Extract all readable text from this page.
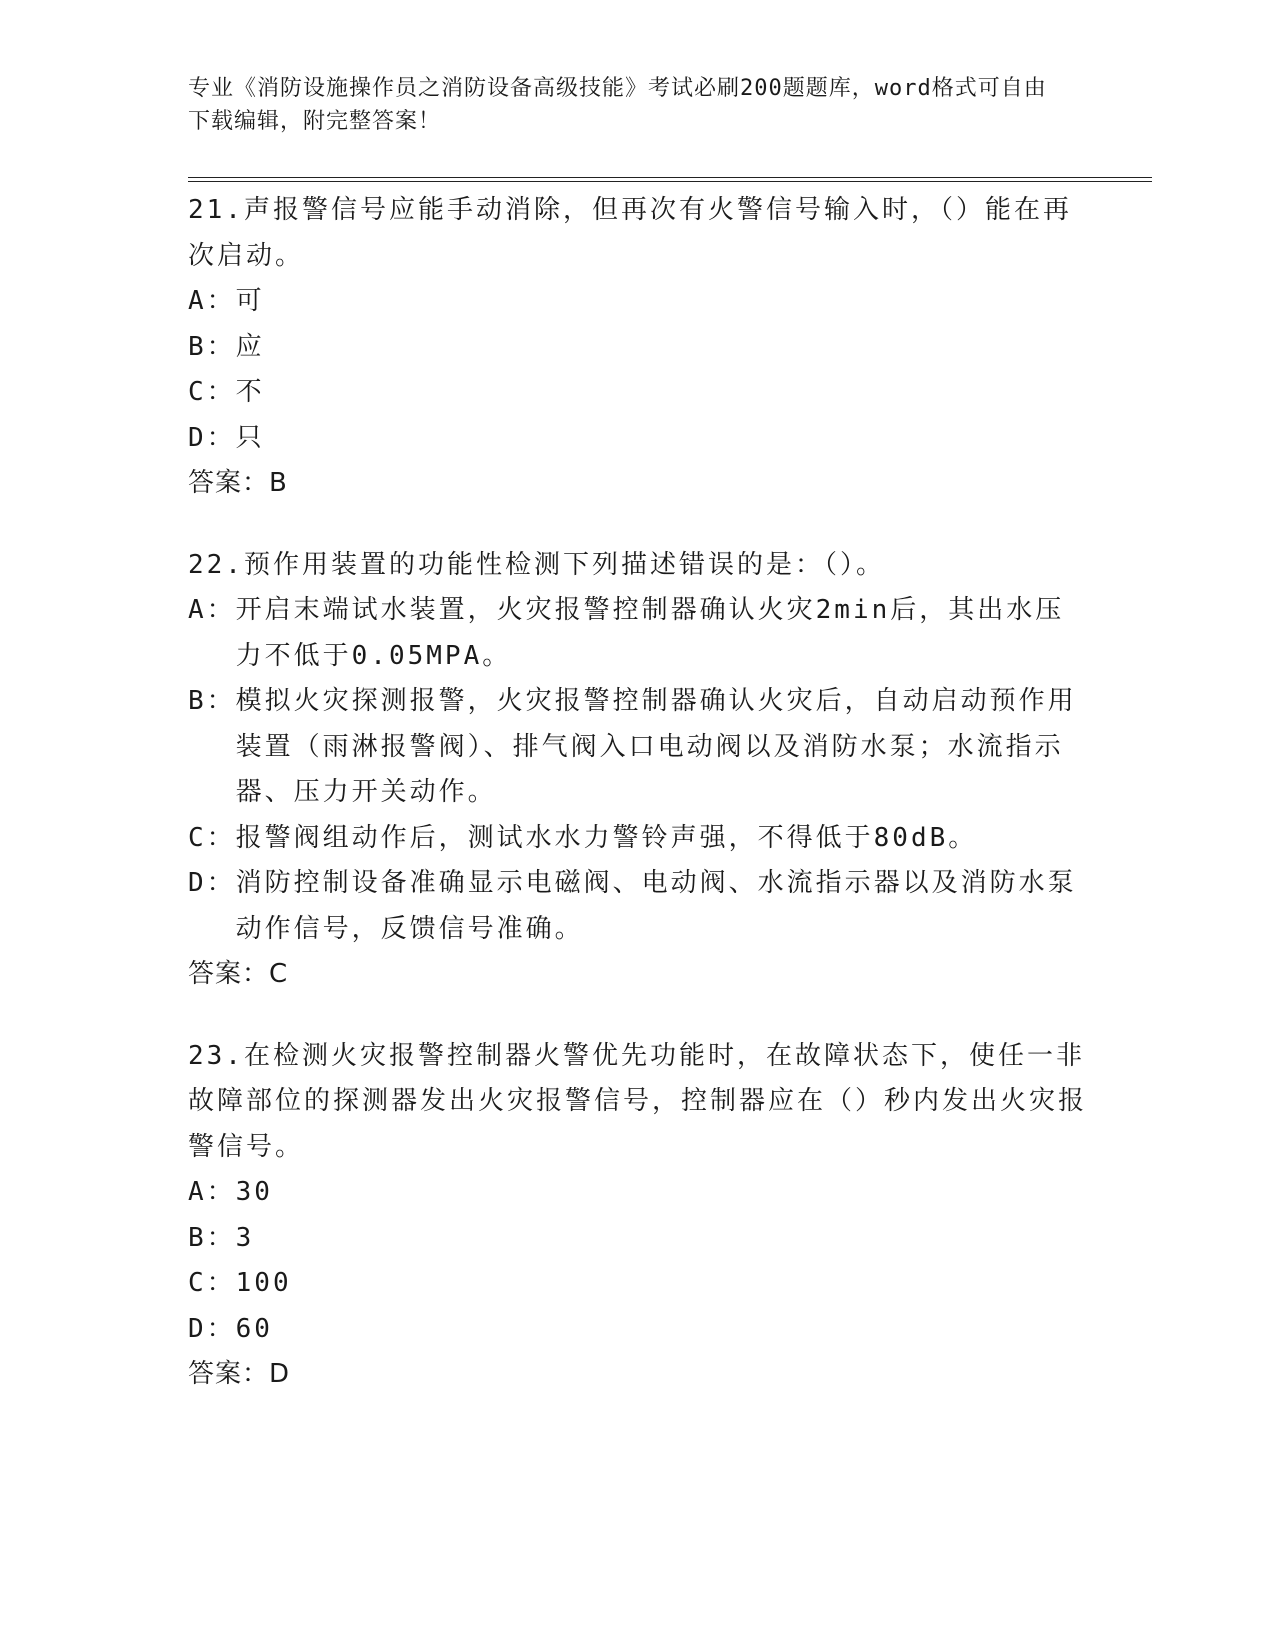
专业《消防设施操作员之消防设备高级技能》考试必刷200题题库，word格式可自由下载编辑，附完整答案！

21.声报警信号应能手动消除，但再次有火警信号输入时，（）能在再次启动。

A： 可

B： 应

C： 不

D： 只

答案：B

22.预作用装置的功能性检测下列描述错误的是：（）。

A： 开启末端试水装置，火灾报警控制器确认火灾2min后，其出水压力不低于0.05MPA。

B： 模拟火灾探测报警，火灾报警控制器确认火灾后，自动启动预作用装置（雨淋报警阀）、排气阀入口电动阀以及消防水泵；水流指示器、压力开关动作。

C： 报警阀组动作后，测试水水力警铃声强，不得低于80dB。

D： 消防控制设备准确显示电磁阀、电动阀、水流指示器以及消防水泵动作信号，反馈信号准确。

答案：C

23.在检测火灾报警控制器火警优先功能时，在故障状态下，使任一非故障部位的探测器发出火灾报警信号，控制器应在（）秒内发出火灾报警信号。

A： 30

B： 3

C： 100

D： 60

答案：D
